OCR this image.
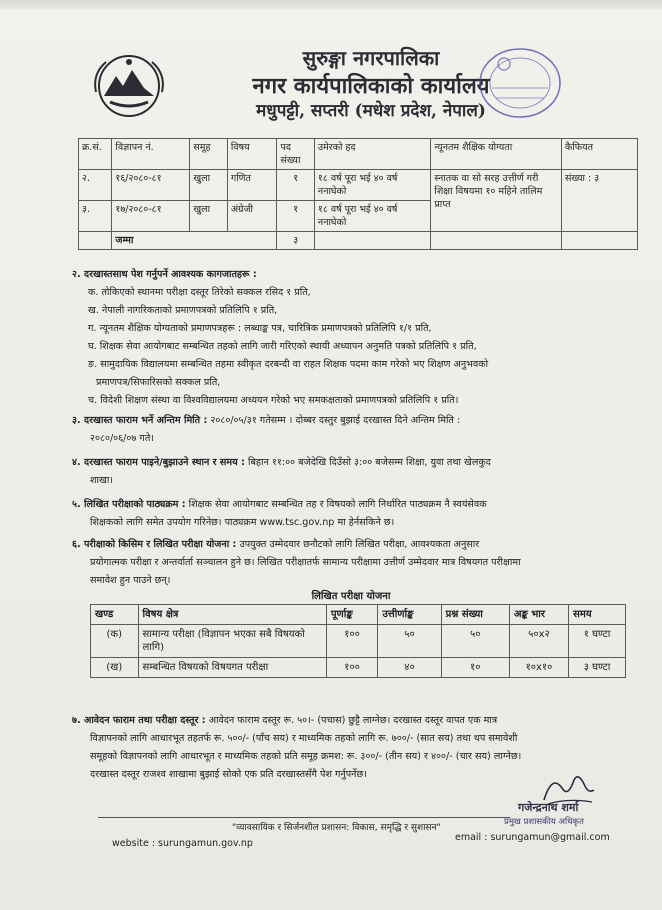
सुरुङ्गा नगरपालिका
नगर कार्यपालिकाको कार्यालय
मधुपट्टी, सप्तरी (मधेश प्रदेश, नेपाल)
क्र.सं.	विज्ञापन नं.	समूह	विषय	पद संख्या	उमेरको हद	न्यूनतम शैक्षिक योग्यता	कैफियत
२.	१६/२०८०-८१	खुला	गणित	१	१८ वर्ष पूरा भई ४० वर्ष ननाघेको	स्नातक वा सो सरह उत्तीर्ण गरी शिक्षा विषयमा १० महिने तालिम प्राप्त	संख्या : ३
३.	१७/२०८०-८१	खुला	अंग्रेजी	१	१८ वर्ष पूरा भई ४० वर्ष ननाघेको		
	जम्मा			३			
२. दरखास्तसाथ पेश गर्नुपर्ने आवश्यक कागजातहरू :
क. तोकिएको स्थानमा परीक्षा दस्तूर तिरेको सक्कल रसिद १ प्रति,
ख. नेपाली नागरिकताको प्रमाणपत्रको प्रतिलिपि १ प्रति,
ग. न्यूनतम शैक्षिक योग्यताको प्रमाणपत्रहरू : लब्धाङ्क पत्र, चारित्रिक प्रमाणपत्रको प्रतिलिपि १/१ प्रति,
घ. शिक्षक सेवा आयोगबाट सम्बन्धित तहको लागि जारी गरिएको स्थायी अध्यापन अनुमति पत्रको प्रतिलिपि १ प्रति,
ङ. सामुदायिक विद्यालयमा सम्बन्धित तहमा स्वीकृत दरबन्दी वा राहत शिक्षक पदमा काम गरेको भए शिक्षण अनुभवको
प्रमाणपत्र/सिफारिसको सक्कल प्रति,
च. विदेशी शिक्षण संस्था वा विश्वविद्यालयमा अध्ययन गरेको भए समकक्षताको प्रमाणपत्रको प्रतिलिपि १ प्रति।
३. दरखास्त फाराम भर्ने अन्तिम मिति : २०८०/०५/३१ गतेसम्म । दोब्बर दस्तुर बुझाई दरखास्त दिने अन्तिम मिति :
२०८०/०६/०७ गते।
४. दरखास्त फाराम पाइने/बुझाउने स्थान र समय : बिहान ११:०० बजेदेखि दिउँसो ३:०० बजेसम्म शिक्षा, युवा तथा खेलकुद
शाखा।
५. लिखित परीक्षाको पाठ्यक्रम : शिक्षक सेवा आयोगबाट सम्बन्धित तह र विषयको लागि निर्धारित पाठ्यक्रम नै स्वयंसेवक
शिक्षकको लागि समेत उपयोग गरिनेछ। पाठ्यक्रम www.tsc.gov.np मा हेर्नसकिने छ।
६. परीक्षाको किसिम र लिखित परीक्षा योजना : उपयुक्त उम्मेदवार छनौटको लागि लिखित परीक्षा, आवश्यकता अनुसार
प्रयोगात्मक परीक्षा र अन्तर्वार्ता सञ्चालन हुने छ। लिखित परीक्षातर्फ सामान्य परीक्षामा उत्तीर्ण उम्मेदवार मात्र विषयगत परीक्षामा
समावेश हुन पाउने छन्।
लिखित परीक्षा योजना
खण्ड	विषय क्षेत्र	पूर्णाङ्क	उत्तीर्णाङ्क	प्रश्न संख्या	अङ्क भार	समय
(क)	सामान्य परीक्षा (विज्ञापन भएका सबै विषयको लागि)	१००	५०	५०	५०x२	१ घण्टा
(ख)	सम्बन्धित विषयको विषयगत परीक्षा	१००	४०	१०	१०x१०	३ घण्टा
७. आवेदन फाराम तथा परीक्षा दस्तूर : आवेदन फाराम दस्तूर रू. ५०।- (पचास) छुट्टै लाग्नेछ। दरखास्त दस्तूर वापत एक मात्र
विज्ञापनको लागि आधारभूत तहतर्फ रू. ५००/- (पाँच सय) र माध्यमिक तहको लागि रू. ७००/- (सात सय) तथा थप समावेशी
समूहको विज्ञापनको लागि आधारभूत र माध्यमिक तहको प्रति समूह क्रमश: रू. ३००/- (तीन सय) र ४००/- (चार सय) लाग्नेछ।
दरखास्त दस्तूर राजश्व शाखामा बुझाई सोको एक प्रति दरखास्तसँगै पेश गर्नुपर्नेछ।
गजेन्द्रनाथ शर्मा
प्रमुख प्रशासकीय अधिकृत
"व्यावसायिक र सिर्जनशील प्रशासन: विकास, समृद्धि र सुशासन"
website : surungamun.gov.np
email : surungamun@gmail.com
